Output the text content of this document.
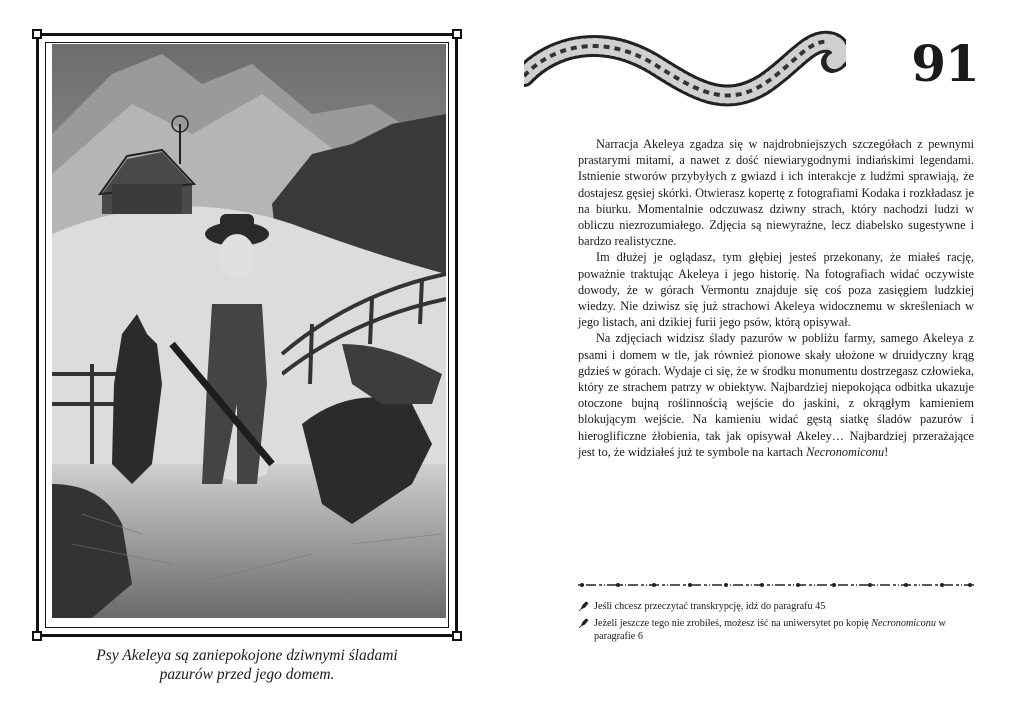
Psy Akeleya są zaniepokojone dziwnymi śladami
pazurów przed jego domem.
91

Narracja Akeleya zgadza się w najdrobniejszych szczegółach z pewnymi prastarymi mitami, a nawet z dość niewiarygodnymi indiańskimi legendami. Istnienie stworów przybyłych z gwiazd i ich interakcje z ludźmi sprawiają, że dostajesz gęsiej skórki. Otwierasz kopertę z fotografiami Kodaka i rozkładasz je na biurku. Momentalnie odczuwasz dziwny strach, który nachodzi ludzi w obliczu niezrozumiałego. Zdjęcia są niewyraźne, lecz diabelsko sugestywne i bardzo realistyczne.

Im dłużej je oglądasz, tym głębiej jesteś przekonany, że miałeś rację, poważnie traktując Akeleya i jego historię. Na fotografiach widać oczywiste dowody, że w górach Vermontu znajduje się coś poza zasięgiem ludzkiej wiedzy. Nie dziwisz się już strachowi Akeleya widocznemu w skreśleniach w jego listach, ani dzikiej furii jego psów, którą opisywał.

Na zdjęciach widzisz ślady pazurów w pobliżu farmy, samego Akeleya z psami i domem w tle, jak również pionowe skały ułożone w druidyczny krąg gdzieś w górach. Wydaje ci się, że w środku monumentu dostrzegasz człowieka, który ze strachem patrzy w obiektyw. Najbardziej niepokojąca odbitka ukazuje otoczone bujną roślinnością wejście do jaskini, z okrągłym kamieniem blokującym wejście. Na kamieniu widać gęstą siatkę śladów pazurów i hieroglificzne żłobienia, tak jak opisywał Akeley… Najbardziej przerażające jest to, że widziałeś już te symbole na kartach Necronomiconu!

Jeśli chcesz przeczytać transkrypcję, idź do paragrafu 45
Jeżeli jeszcze tego nie zrobiłeś, możesz iść na uniwersytet po kopię Necronomiconu w paragrafie 6
